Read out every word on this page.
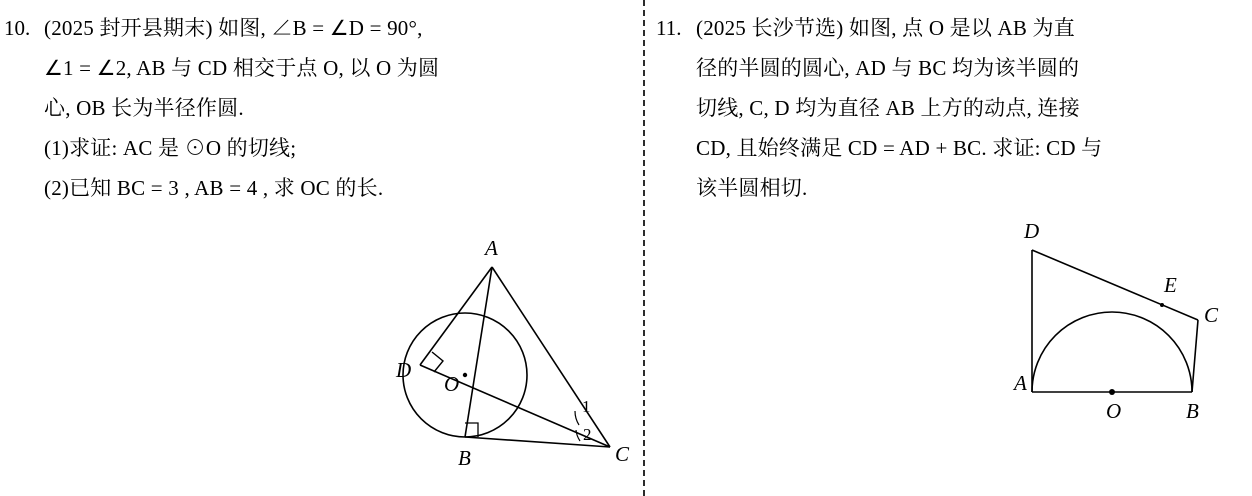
10. (2025 封开县期末) 如图, ∠B = ∠D = 90°,
∠1 = ∠2, AB 与 CD 相交于点 O, 以 O 为圆
心, OB 长为半径作圆.
(1)求证: AC 是 ⊙O 的切线;
(2)已知 BC = 3 , AB = 4 , 求 OC 的长.
A
D
O
B	C
1
2
11. (2025 长沙节选) 如图, 点 O 是以 AB 为直
径的半圆的圆心, AD 与 BC 均为该半圆的
切线, C, D 均为直径 AB 上方的动点, 连接
CD, 且始终满足 CD = AD + BC. 求证: CD 与
该半圆相切.
D
E
C
A
O	B
